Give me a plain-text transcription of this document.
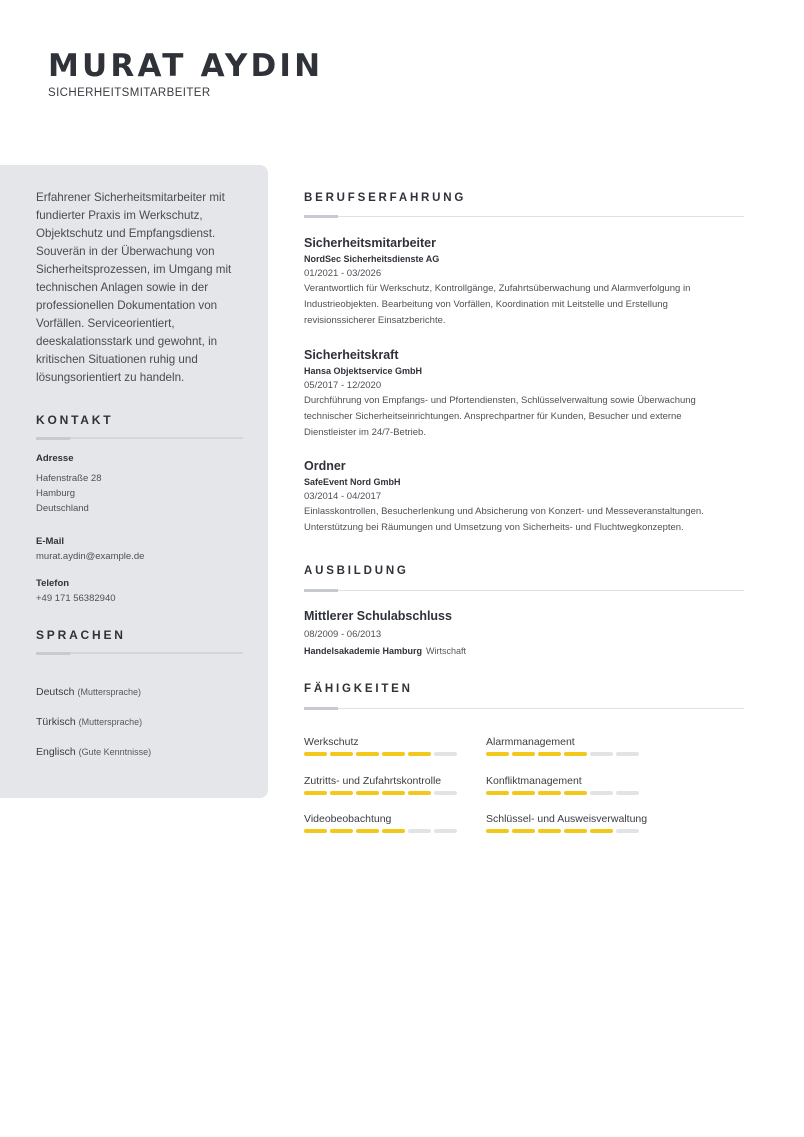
MURAT AYDIN
SICHERHEITSMITARBEITER
Erfahrener Sicherheitsmitarbeiter mit fundierter Praxis im Werkschutz, Objektschutz und Empfangsdienst. Souverän in der Überwachung von Sicherheitsprozessen, im Umgang mit technischen Anlagen sowie in der professionellen Dokumentation von Vorfällen. Serviceorientiert, deeskalationsstark und gewohnt, in kritischen Situationen ruhig und lösungsorientiert zu handeln.
KONTAKT
Adresse
Hafenstraße 28
Hamburg
Deutschland
E-Mail
murat.aydin@example.de
Telefon
+49 171 56382940
SPRACHEN
Deutsch (Muttersprache)
Türkisch (Muttersprache)
Englisch (Gute Kenntnisse)
BERUFSERFAHRUNG
Sicherheitsmitarbeiter
NordSec Sicherheitsdienste AG
01/2021 - 03/2026
Verantwortlich für Werkschutz, Kontrollgänge, Zufahrtsüberwachung und Alarmverfolgung in Industrieobjekten. Bearbeitung von Vorfällen, Koordination mit Leitstelle und Erstellung revisionssicherer Einsatzberichte.
Sicherheitskraft
Hansa Objektservice GmbH
05/2017 - 12/2020
Durchführung von Empfangs- und Pfortendiensten, Schlüsselverwaltung sowie Überwachung technischer Sicherheitseinrichtungen. Ansprechpartner für Kunden, Besucher und externe Dienstleister im 24/7-Betrieb.
Ordner
SafeEvent Nord GmbH
03/2014 - 04/2017
Einlasskontrollen, Besucherlenkung und Absicherung von Konzert- und Messeveranstaltungen. Unterstützung bei Räumungen und Umsetzung von Sicherheits- und Fluchtwegkonzepten.
AUSBILDUNG
Mittlerer Schulabschluss
08/2009 - 06/2013
Handelsakademie Hamburg Wirtschaft
FÄHIGKEITEN
Werkschutz	Alarmmanagement
Zutritts- und Zufahrtskontrolle	Konfliktmanagement
Videobeobachtung	Schlüssel- und Ausweisverwaltung
